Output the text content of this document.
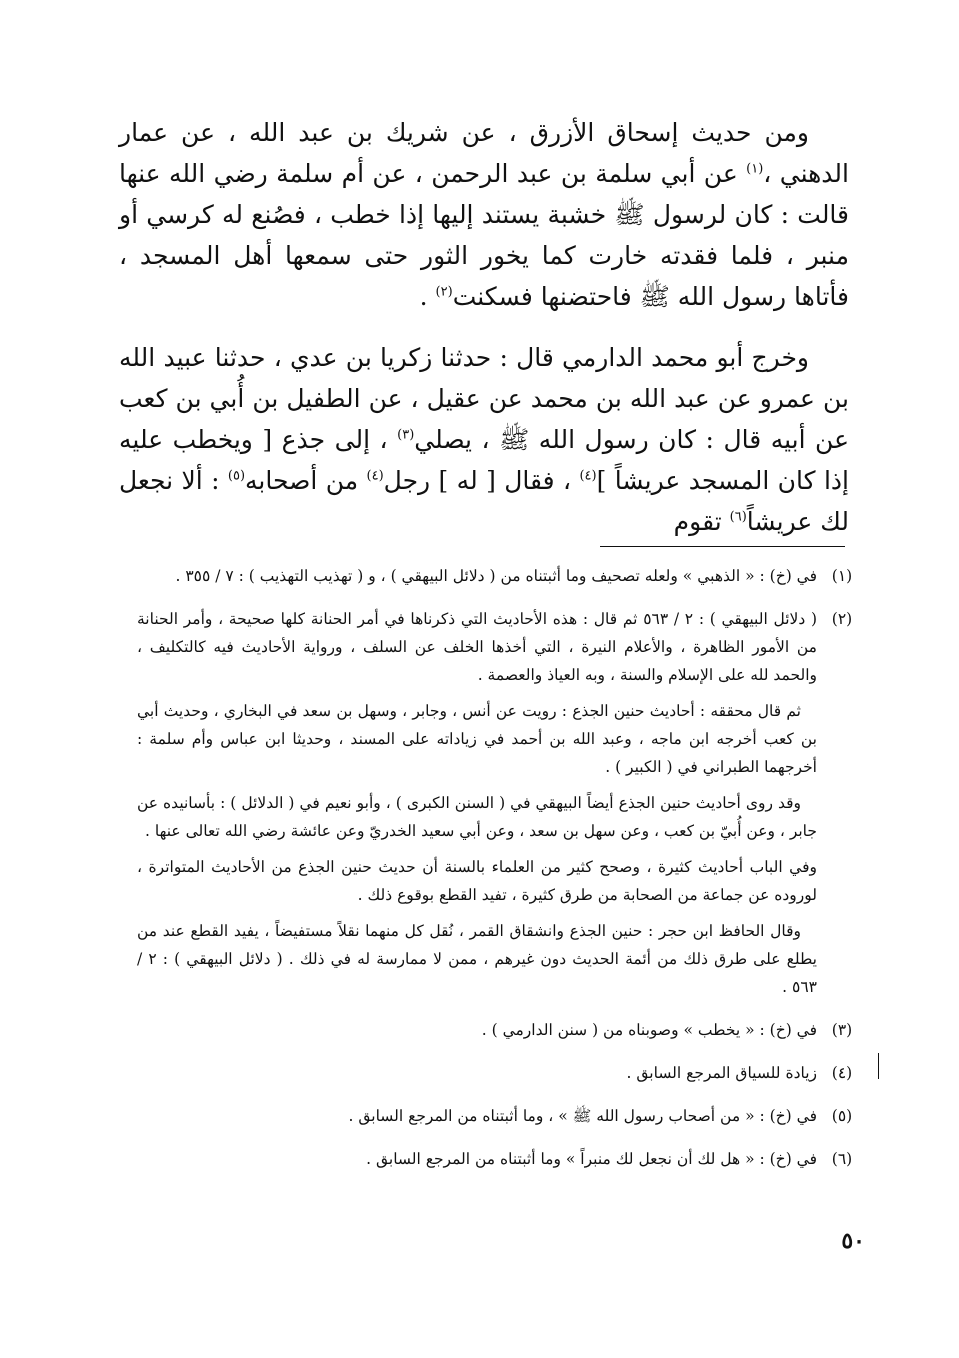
ومن حديث إسحاق الأزرق ، عن شريك بن عبد الله ، عن عمار الدهني ،$^{(١)}$ عن أبي سلمة بن عبد الرحمن ، عن أم سلمة رضي الله عنها قالت : كان لرسول ﷺ خشبة يستند إليها إذا خطب ، فصُنع له كرسي أو منبر ، فلما فقدته خارت كما يخور الثور حتى سمعها أهل المسجد ، فأتاها رسول الله ﷺ فاحتضنها فسكنت$^{(٢)}$ .

وخرج أبو محمد الدارمي قال : حدثنا زكريا بن عدي ، حدثنا عبيد الله بن عمرو عن عبد الله بن محمد عن عقيل ، عن الطفيل بن أُبي بن كعب عن أبيه قال : كان رسول الله ﷺ ، يصلي$^{(٣)}$ ، إلى جذع [ ويخطب عليه إذا كان المسجد عريشاً ]$^{(٤)}$ ، فقال [ له ] رجل$^{(٤)}$ من أصحابه$^{(٥)}$ : ألا نجعل لك عريشاً$^{(٦)}$ تقوم

(١)

في (خ) : « الذهبي » ولعله تصحيف وما أثبتناه من ( دلائل البيهقي ) ، و ( تهذيب التهذيب ) : ٧ / ٣٥٥ .

(٢)

( دلائل البيهقي ) : ٢ / ٥٦٣ ثم قال : هذه الأحاديث التي ذكرناها في أمر الحنانة كلها صحيحة ، وأمر الحنانة من الأمور الظاهرة ، والأعلام النيرة ، التي أخذها الخلف عن السلف ، ورواية الأحاديث فيه كالتكليف ، والحمد لله على الإسلام والسنة ، وبه العياذ والعصمة .

ثم قال محققه : أحاديث حنين الجذع : رويت عن أنس ، وجابر ، وسهل بن سعد في البخاري ، وحديث أبي بن كعب أخرجه ابن ماجه ، وعبد الله بن أحمد في زياداته على المسند ، وحديثا ابن عباس وأم سلمة : أخرجهما الطبراني في ( الكبير ) .

وقد روى أحاديث حنين الجذع أيضاً البيهقي في ( السنن الكبرى ) ، وأبو نعيم في ( الدلائل ) : بأسانيده عن جابر ، وعن أُبيّ بن كعب ، وعن سهل بن سعد ، وعن أبي سعيد الخدريّ وعن عائشة رضي الله تعالى عنها .

وفي الباب أحاديث كثيرة ، وصحح كثير من العلماء بالسنة أن حديث حنين الجذع من الأحاديث المتواترة ، لوروده عن جماعة من الصحابة من طرق كثيرة ، تفيد القطع بوقوع ذلك .

وقال الحافظ ابن حجر : حنين الجذع وانشقاق القمر ، نُقل كل منهما نقلاً مستفيضاً ، يفيد القطع عند من يطلع على طرق ذلك من أئمة الحديث دون غيرهم ، ممن لا ممارسة له في ذلك . ( دلائل البيهقي ) : ٢ / ٥٦٣ .

(٣)

في (خ) : « يخطب » وصوبناه من ( سنن الدارمي ) .

(٤)

زيادة للسياق المرجع السابق .

(٥)

في (خ) : « من أصحاب رسول الله ﷺ » ، وما أثبتناه من المرجع السابق .

(٦)

في (خ) : « هل لك أن نجعل لك منبراً » وما أثبتناه من المرجع السابق .

٥٠
